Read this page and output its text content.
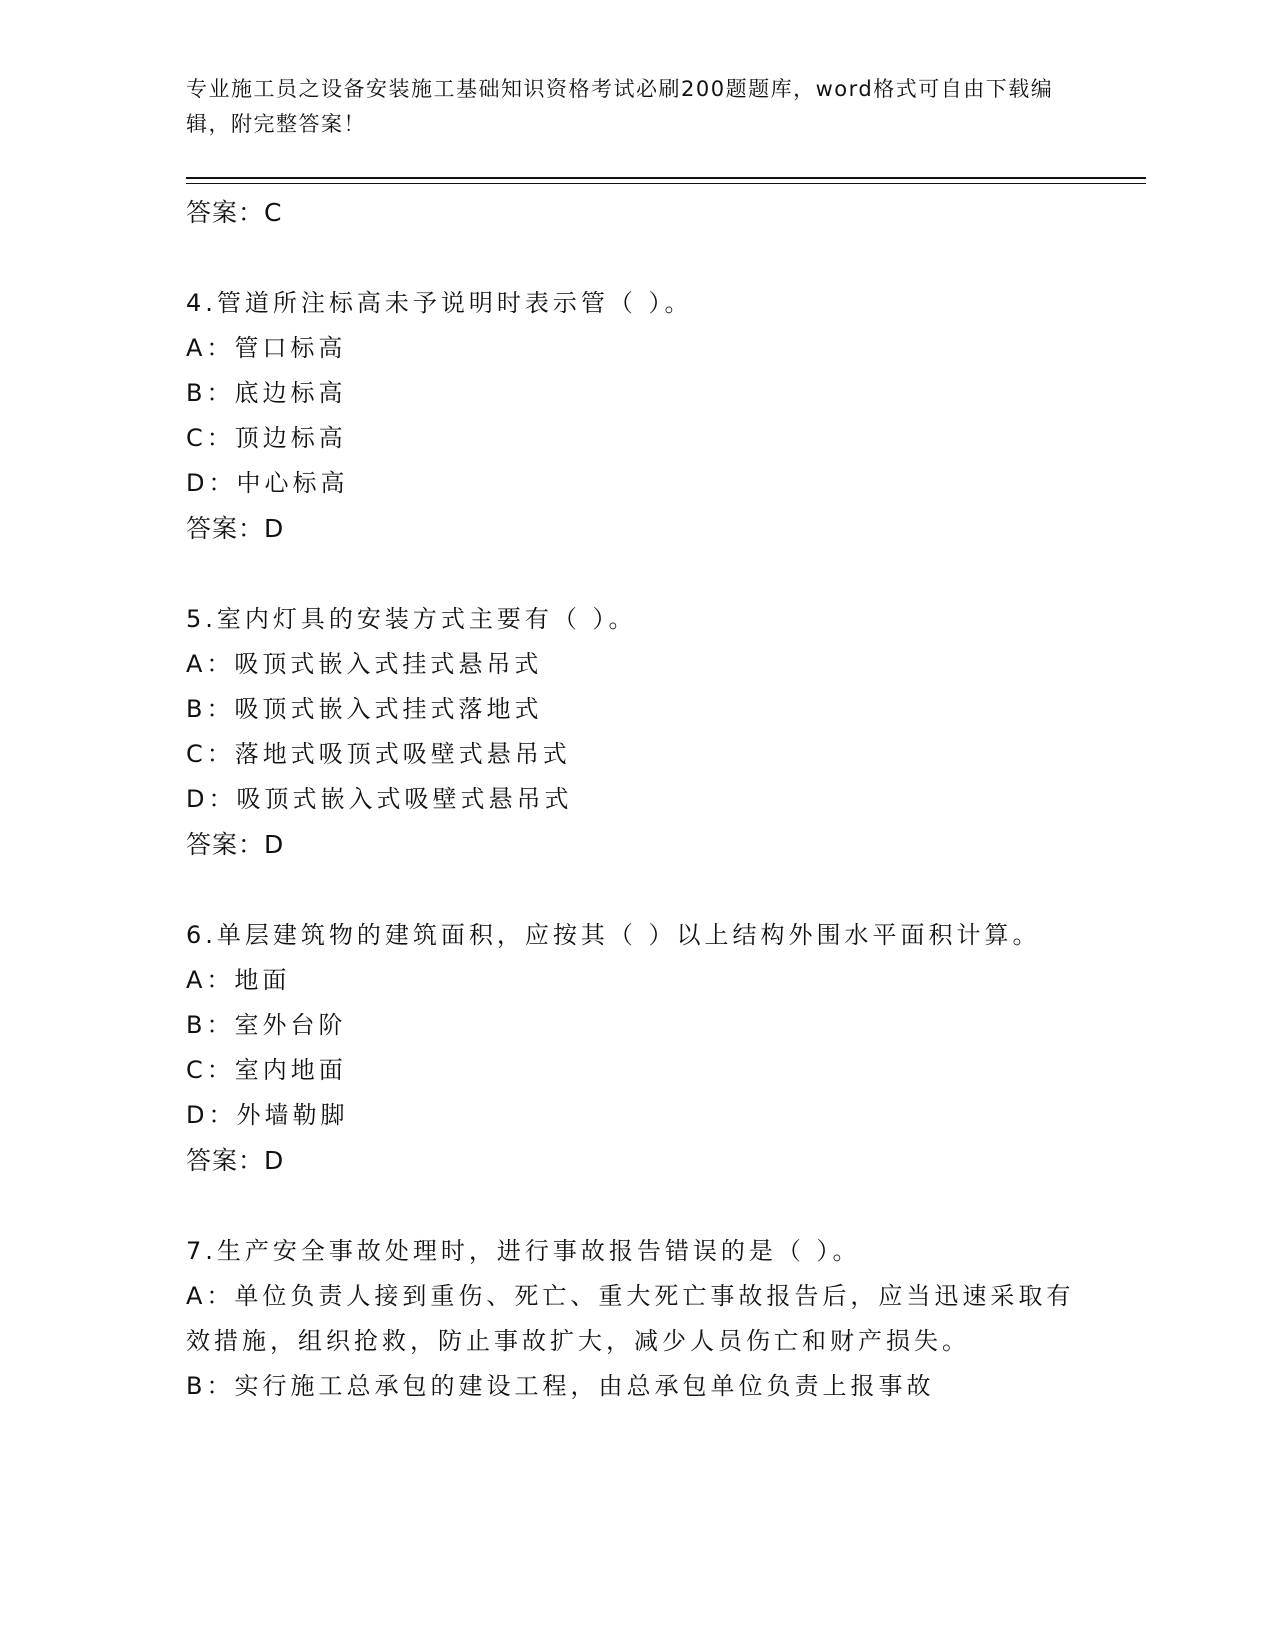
专业施工员之设备安装施工基础知识资格考试必刷200题题库，word格式可自由下载编辑，附完整答案！
答案：C
4.管道所注标高未予说明时表示管（ ）。
A：管口标高
B：底边标高
C：顶边标高
D：中心标高
答案：D
5.室内灯具的安装方式主要有（ ）。
A：吸顶式嵌入式挂式悬吊式
B：吸顶式嵌入式挂式落地式
C：落地式吸顶式吸壁式悬吊式
D：吸顶式嵌入式吸壁式悬吊式
答案：D
6.单层建筑物的建筑面积，应按其（ ）以上结构外围水平面积计算。
A：地面
B：室外台阶
C：室内地面
D：外墙勒脚
答案：D
7.生产安全事故处理时，进行事故报告错误的是（ ）。
A：单位负责人接到重伤、死亡、重大死亡事故报告后，应当迅速采取有效措施，组织抢救，防止事故扩大，减少人员伤亡和财产损失。
B：实行施工总承包的建设工程，由总承包单位负责上报事故
